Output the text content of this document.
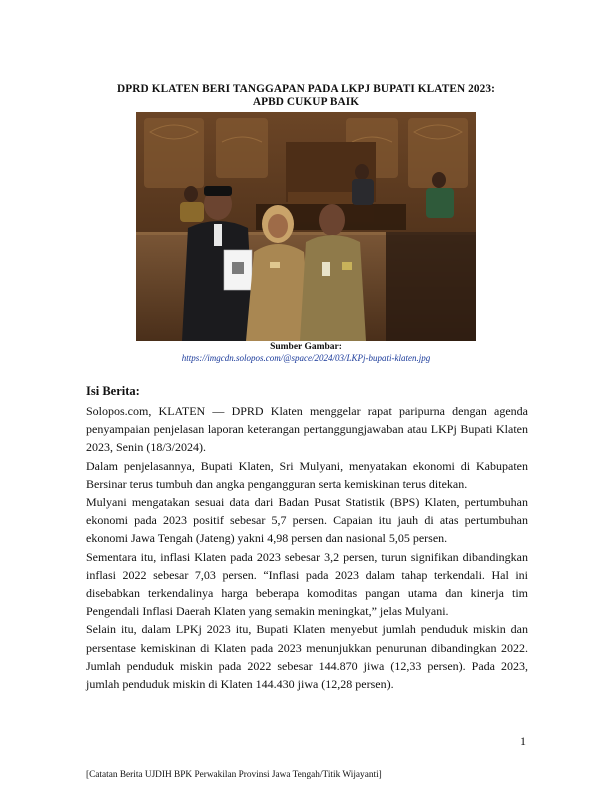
DPRD KLATEN BERI TANGGAPAN PADA LKPJ BUPATI KLATEN 2023:
APBD CUKUP BAIK
Sumber Gambar:
https://imgcdn.solopos.com/@space/2024/03/LKPj-bupati-klaten.jpg
Isi Berita:

Solopos.com, KLATEN — DPRD Klaten menggelar rapat paripurna dengan agenda penyampaian penjelasan laporan keterangan pertanggungjawaban atau LKPj Bupati Klaten 2023, Senin (18/3/2024).

Dalam penjelasannya, Bupati Klaten, Sri Mulyani, menyatakan ekonomi di Kabupaten Bersinar terus tumbuh dan angka pengangguran serta kemiskinan terus ditekan.

Mulyani mengatakan sesuai data dari Badan Pusat Statistik (BPS) Klaten, pertumbuhan ekonomi pada 2023 positif sebesar 5,7 persen. Capaian itu jauh di atas pertumbuhan ekonomi Jawa Tengah (Jateng) yakni 4,98 persen dan nasional 5,05 persen.

Sementara itu, inflasi Klaten pada 2023 sebesar 3,2 persen, turun signifikan dibandingkan inflasi 2022 sebesar 7,03 persen. “Inflasi pada 2023 dalam tahap terkendali. Hal ini disebabkan terkendalinya harga beberapa komoditas pangan utama dan kinerja tim Pengendali Inflasi Daerah Klaten yang semakin meningkat,” jelas Mulyani.

Selain itu, dalam LPKj 2023 itu, Bupati Klaten menyebut jumlah penduduk miskin dan persentase kemiskinan di Klaten pada 2023 menunjukkan penurunan dibandingkan 2022. Jumlah penduduk miskin pada 2022 sebesar 144.870 jiwa (12,33 persen). Pada 2023, jumlah penduduk miskin di Klaten 144.430 jiwa (12,28 persen).

1
[Catatan Berita UJDIH BPK Perwakilan Provinsi Jawa Tengah/Titik Wijayanti]
